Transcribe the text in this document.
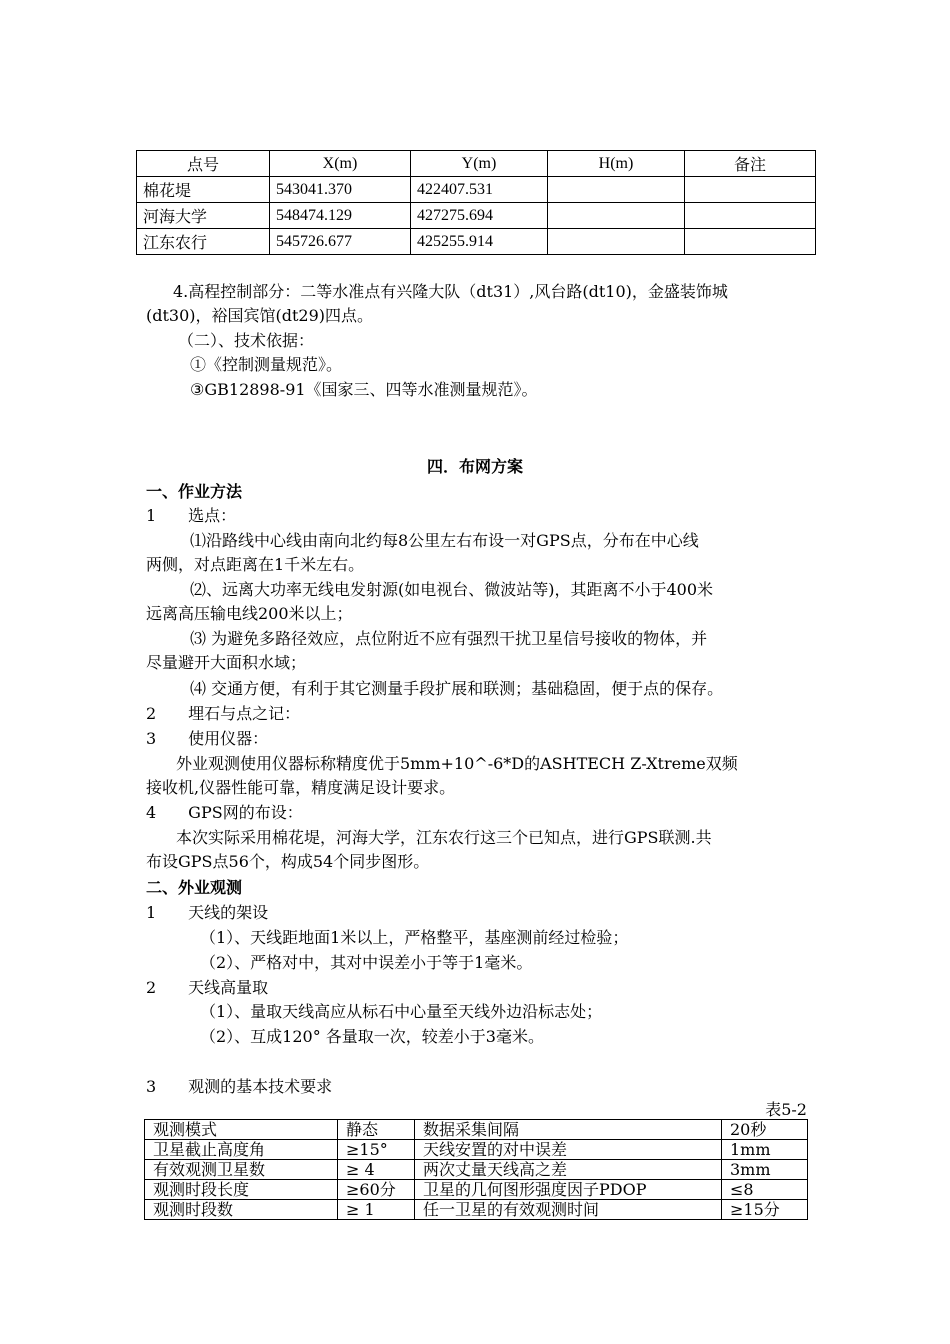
点号	X(m)	Y(m)	H(m)	备注
棉花堤	543041.370	422407.531		
河海大学	548474.129	427275.694		
江东农行	545726.677	425255.914		
4.高程控制部分：二等水准点有兴隆大队（dt31）,风台路(dt10)，金盛装饰城
(dt30)，裕国宾馆(dt29)四点。
（二）、技术依据：
①《控制测量规范》。
③GB12898-91《国家三、四等水准测量规范》。
四．布网方案
一、作业方法
1　　选点：
⑴沿路线中心线由南向北约每8公里左右布设一对GPS点，分布在中心线
两侧，对点距离在1千米左右。
⑵、远离大功率无线电发射源(如电视台、微波站等)，其距离不小于400米
远离高压输电线200米以上；
⑶ 为避免多路径效应，点位附近不应有强烈干扰卫星信号接收的物体，并
尽量避开大面积水域；
⑷ 交通方便，有利于其它测量手段扩展和联测；基础稳固，便于点的保存。
2　　埋石与点之记：
3　　使用仪器：
外业观测使用仪器标称精度优于5mm+10^-6*D的ASHTECH Z-Xtreme双频
接收机,仪器性能可靠，精度满足设计要求。
4　　GPS网的布设：
本次实际采用棉花堤，河海大学，江东农行这三个已知点，进行GPS联测.共
布设GPS点56个，构成54个同步图形。
二、外业观测
1　　天线的架设
（1）、天线距地面1米以上，严格整平，基座测前经过检验；
（2）、严格对中，其对中误差小于等于1毫米。
2　　天线高量取
（1）、量取天线高应从标石中心量至天线外边沿标志处；
（2）、互成120° 各量取一次，较差小于3毫米。
3　　观测的基本技术要求
表5-2
观测模式	静态	数据采集间隔	20秒
卫星截止高度角	≥15°	天线安置的对中误差	1mm
有效观测卫星数	≥ 4	两次丈量天线高之差	3mm
观测时段长度	≥60分	卫星的几何图形强度因子PDOP	≤8
观测时段数	≥ 1	任一卫星的有效观测时间	≥15分
